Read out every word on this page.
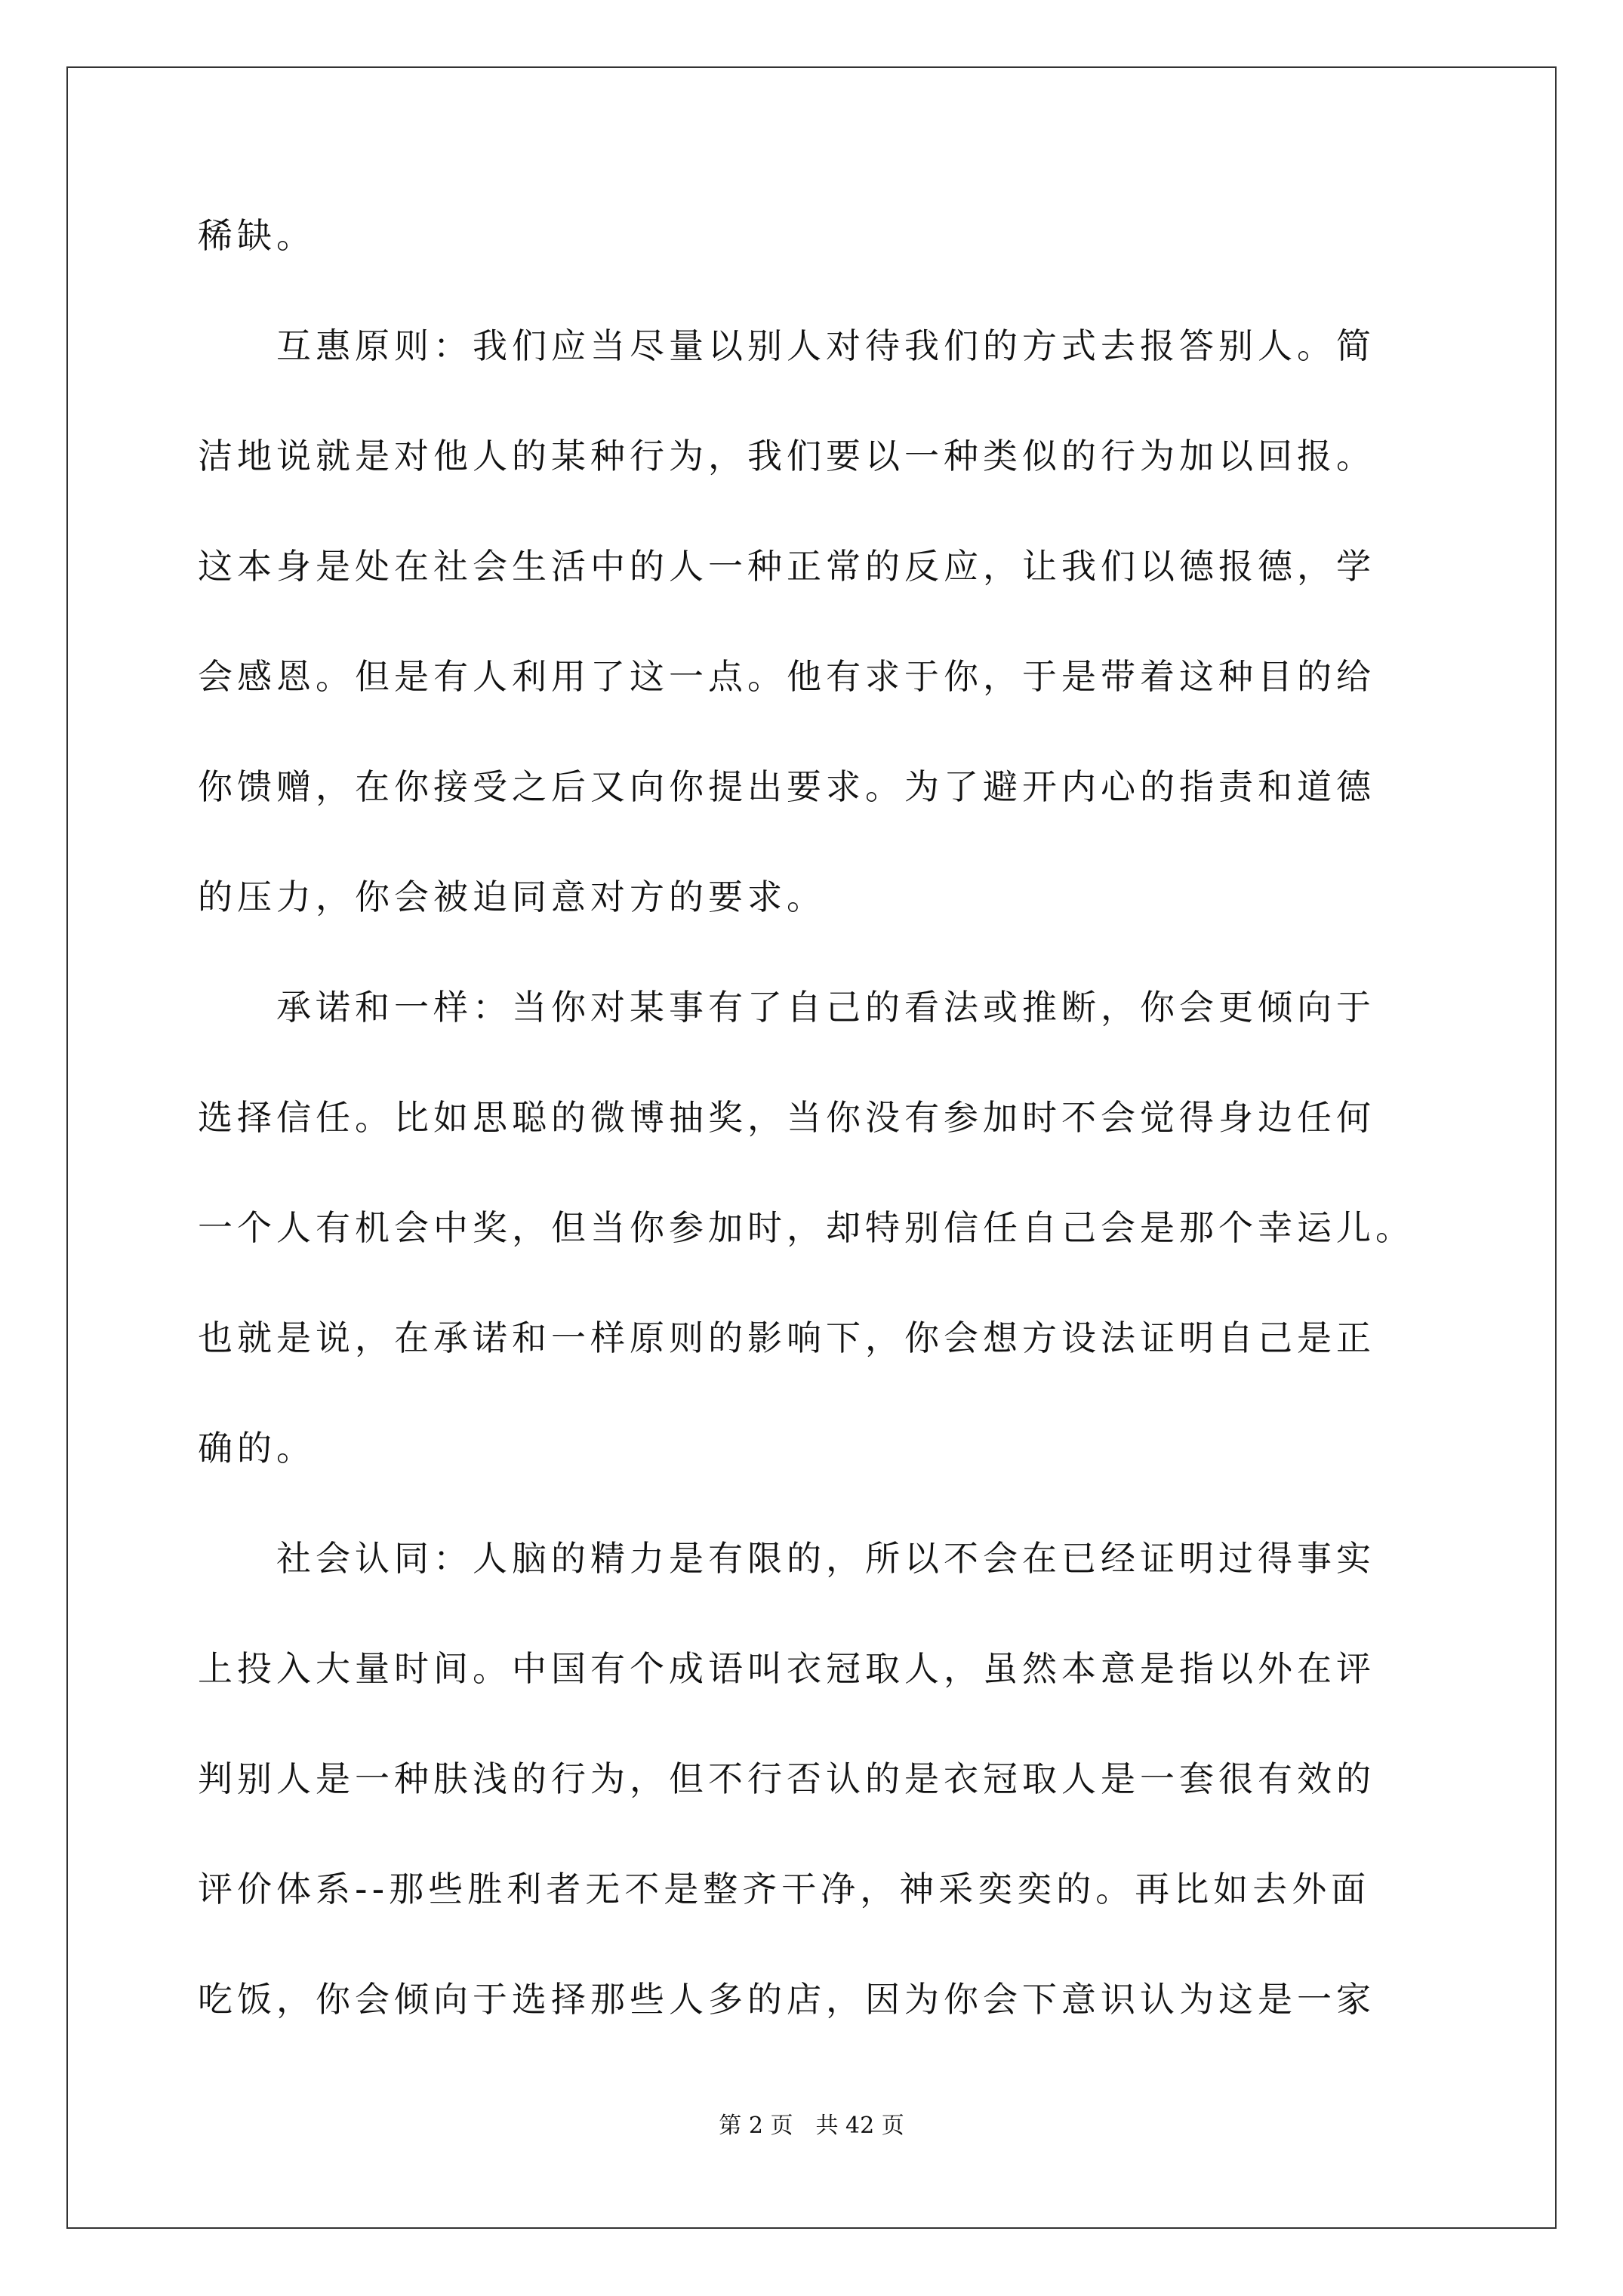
稀缺。
　　互惠原则：我们应当尽量以别人对待我们的方式去报答别人。简
洁地说就是对他人的某种行为，我们要以一种类似的行为加以回报。
这本身是处在社会生活中的人一种正常的反应，让我们以德报德，学
会感恩。但是有人利用了这一点。他有求于你，于是带着这种目的给
你馈赠，在你接受之后又向你提出要求。为了避开内心的指责和道德
的压力，你会被迫同意对方的要求。
　　承诺和一样：当你对某事有了自己的看法或推断，你会更倾向于
选择信任。比如思聪的微博抽奖，当你没有参加时不会觉得身边任何
一个人有机会中奖，但当你参加时，却特别信任自己会是那个幸运儿。
也就是说，在承诺和一样原则的影响下，你会想方设法证明自己是正
确的。
　　社会认同：人脑的精力是有限的，所以不会在已经证明过得事实
上投入大量时间。中国有个成语叫衣冠取人，虽然本意是指以外在评
判别人是一种肤浅的行为，但不行否认的是衣冠取人是一套很有效的
评价体系--那些胜利者无不是整齐干净，神采奕奕的。再比如去外面
吃饭，你会倾向于选择那些人多的店，因为你会下意识认为这是一家
第 2 页　共 42 页
